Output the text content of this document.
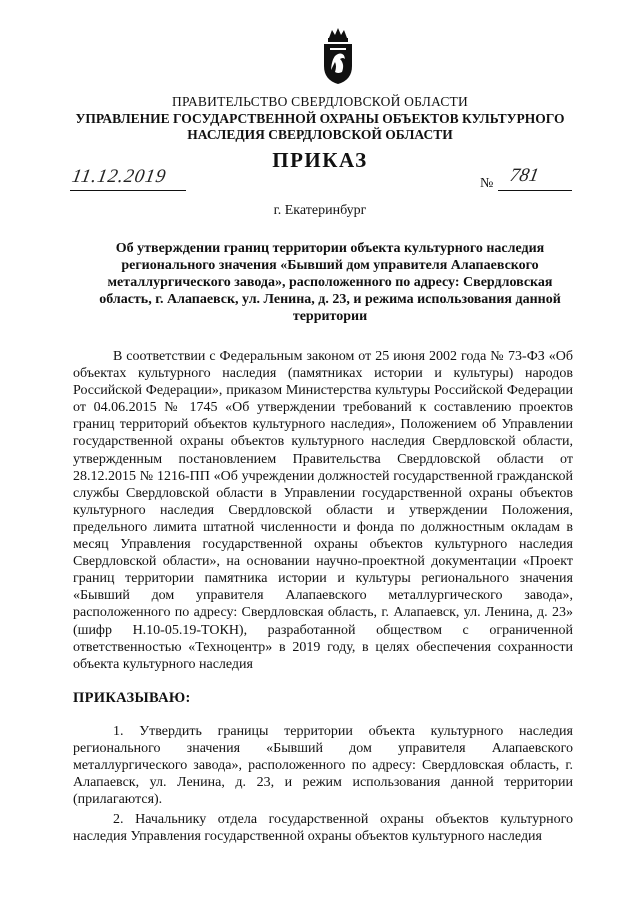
ПРАВИТЕЛЬСТВО СВЕРДЛОВСКОЙ ОБЛАСТИ
УПРАВЛЕНИЕ ГОСУДАРСТВЕННОЙ ОХРАНЫ ОБЪЕКТОВ КУЛЬТУРНОГО НАСЛЕДИЯ СВЕРДЛОВСКОЙ ОБЛАСТИ
ПРИКАЗ
11.12.2019	№ 781
г. Екатеринбург
Об утверждении границ территории объекта культурного наследия регионального значения «Бывший дом управителя Алапаевского металлургического завода», расположенного по адресу: Свердловская область, г. Алапаевск, ул. Ленина, д. 23, и режима использования данной территории

В соответствии с Федеральным законом от 25 июня 2002 года № 73-ФЗ «Об объектах культурного наследия (памятниках истории и культуры) народов Российской Федерации», приказом Министерства культуры Российской Федерации от 04.06.2015 № 1745 «Об утверждении требований к составлению проектов границ территорий объектов культурного наследия», Положением об Управлении государственной охраны объектов культурного наследия Свердловской области, утвержденным постановлением Правительства Свердловской области от 28.12.2015 № 1216-ПП «Об учреждении должностей государственной гражданской службы Свердловской области в Управлении государственной охраны объектов культурного наследия Свердловской области и утверждении Положения, предельного лимита штатной численности и фонда по должностным окладам в месяц Управления государственной охраны объектов культурного наследия Свердловской области», на основании научно-проектной документации «Проект границ территории памятника истории и культуры регионального значения «Бывший дом управителя Алапаевского металлургического завода», расположенного по адресу: Свердловская область, г. Алапаевск, ул. Ленина, д. 23» (шифр Н.10-05.19-ТОКН), разработанной обществом с ограниченной ответственностью «Техноцентр» в 2019 году, в целях обеспечения сохранности объекта культурного наследия

ПРИКАЗЫВАЮ:

1. Утвердить границы территории объекта культурного наследия регионального значения «Бывший дом управителя Алапаевского металлургического завода», расположенного по адресу: Свердловская область, г. Алапаевск, ул. Ленина, д. 23, и режим использования данной территории (прилагаются).

2. Начальнику отдела государственной охраны объектов культурного наследия Управления государственной охраны объектов культурного наследия
